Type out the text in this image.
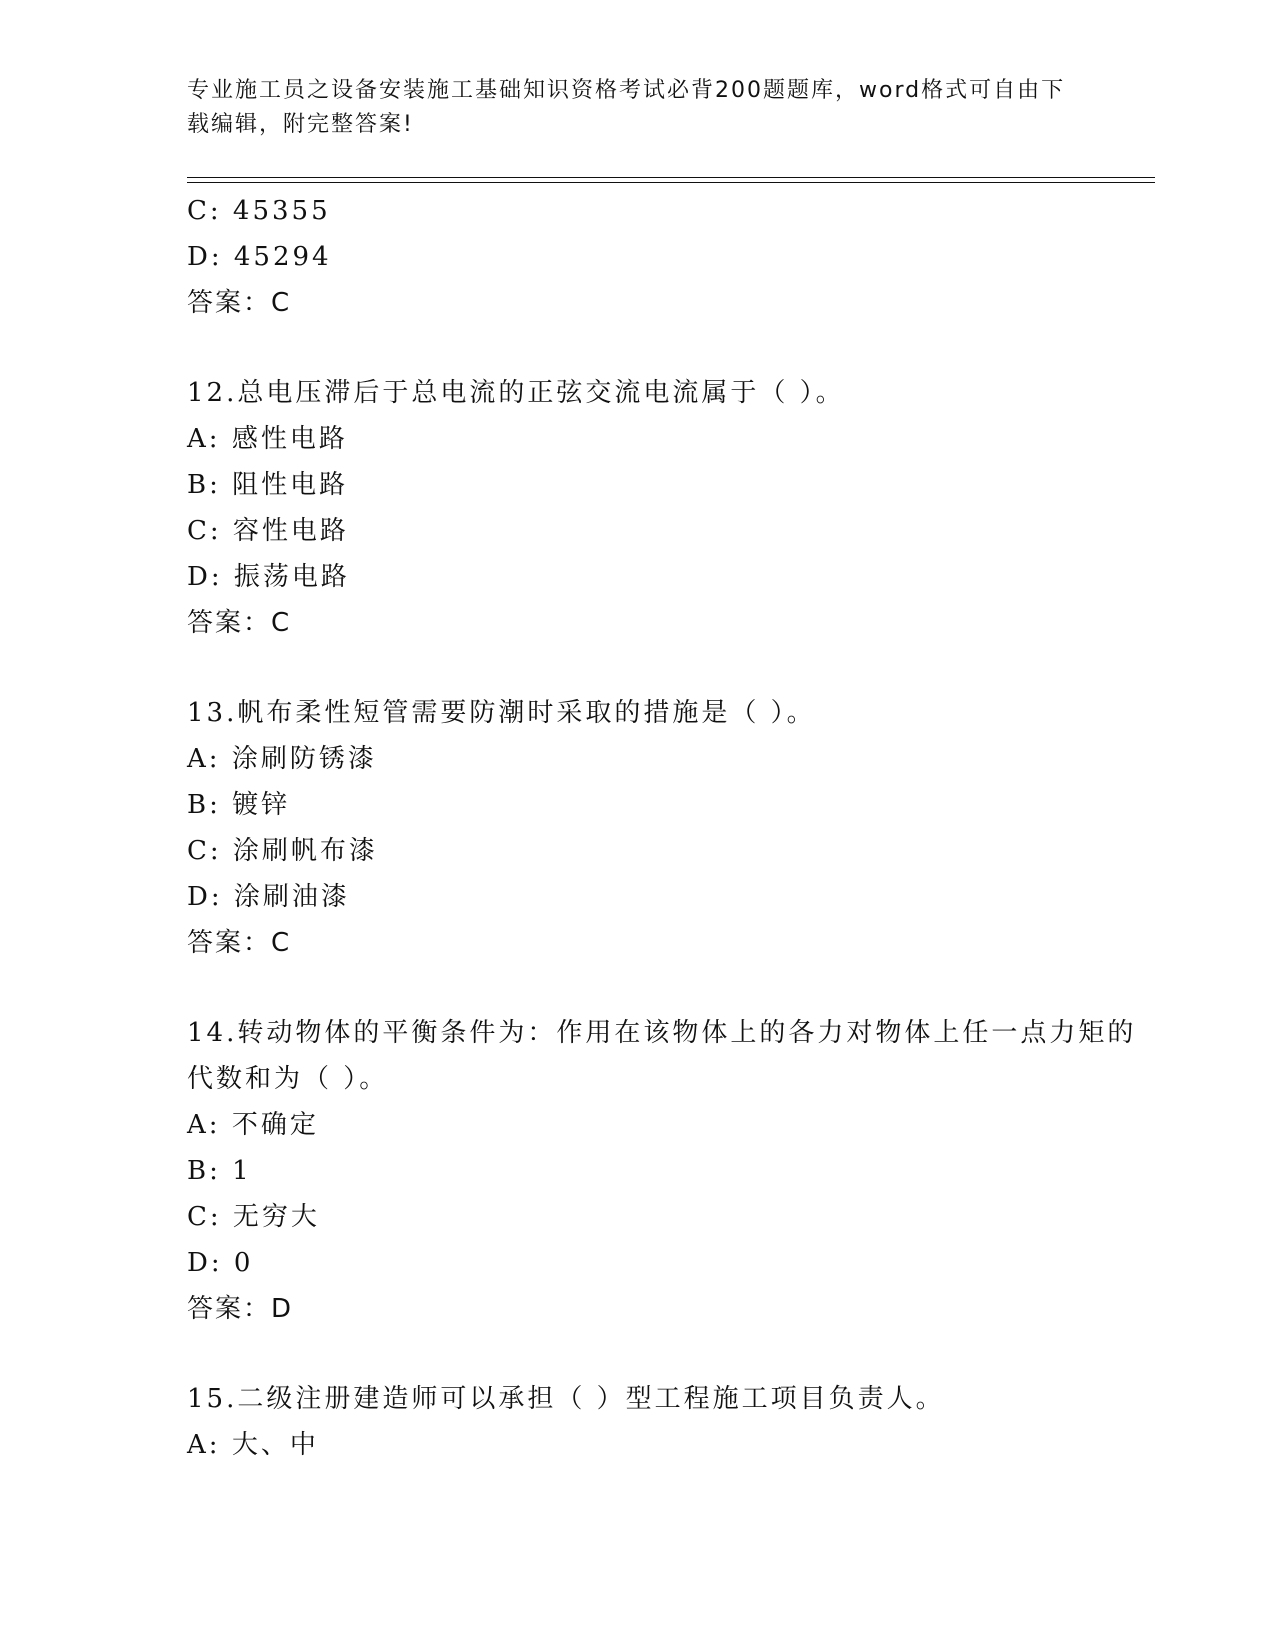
专业施工员之设备安装施工基础知识资格考试必背200题题库，word格式可自由下载编辑，附完整答案!
C: 45355
D: 45294
答案：C
12.总电压滞后于总电流的正弦交流电流属于（ ）。
A: 感性电路
B: 阻性电路
C: 容性电路
D: 振荡电路
答案：C
13.帆布柔性短管需要防潮时采取的措施是（ ）。
A: 涂刷防锈漆
B: 镀锌
C: 涂刷帆布漆
D: 涂刷油漆
答案：C
14.转动物体的平衡条件为：作用在该物体上的各力对物体上任一点力矩的代数和为（ ）。
A: 不确定
B: 1
C: 无穷大
D: 0
答案：D
15.二级注册建造师可以承担（ ）型工程施工项目负责人。
A: 大、中
